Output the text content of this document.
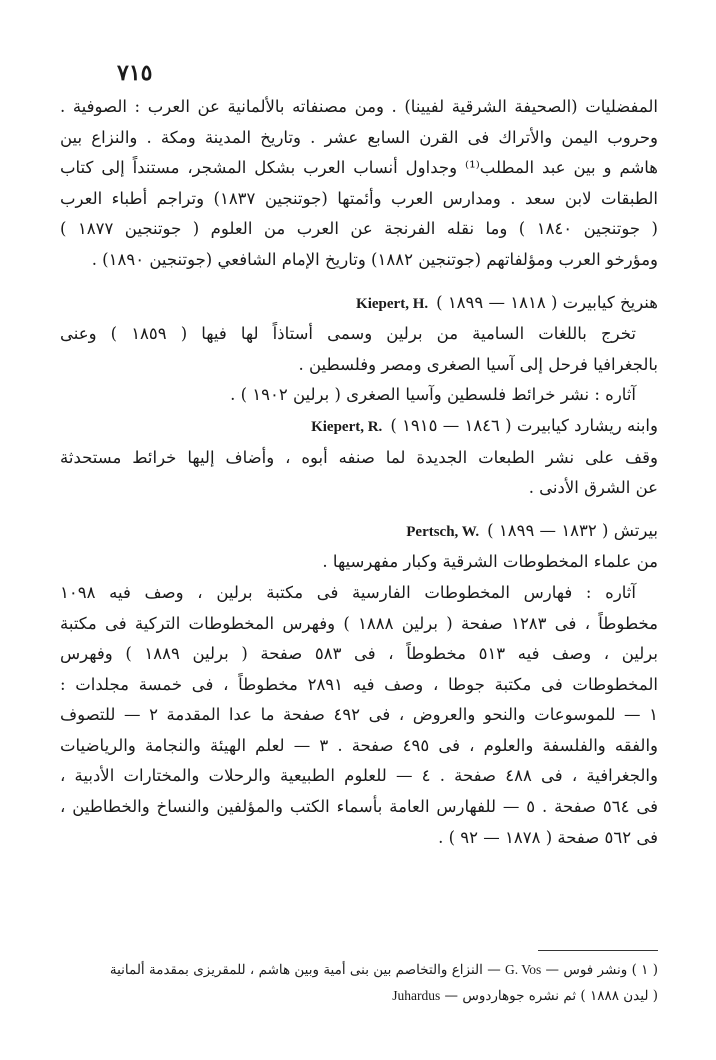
٧١٥
المفضليات (الصحيفة الشرقية لفيينا) . ومن مصنفاته بالألمانية عن العرب : الصوفية .
وحروب اليمن والأتراك فى القرن السابع عشر . وتاريخ المدينة ومكة . والنزاع بين
هاشم و بين عبد المطلب⁽¹⁾ وجداول أنساب العرب بشكل المشجر، مستنداً إلى كتاب
الطبقات لابن سعد . ومدارس العرب وأئمتها (جوتنجين ١٨٣٧) وتراجم أطباء العرب
( جوتنجين ١٨٤٠ ) وما نقله الفرنجة عن العرب من العلوم ( جوتنجين ١٨٧٧ )
ومؤرخو العرب ومؤلفاتهم (جوتنجين ١٨٨٢) وتاريخ الإمام الشافعي (جوتنجين ١٨٩٠) .
هنريخ كيابيرت ( ١٨١٨ — ١٨٩٩ )
Kiepert, H.
تخرج باللغات السامية من برلين وسمى أستاذاً لها فيها ( ١٨٥٩ ) وعنى
بالجغرافيا فرحل إلى آسيا الصغرى ومصر وفلسطين .
آثاره : نشر خرائط فلسطين وآسيا الصغرى ( برلين ١٩٠٢ ) .
وابنه ريشارد كيابيرت ( ١٨٤٦ — ١٩١٥ )
Kiepert, R.
وقف على نشر الطبعات الجديدة لما صنفه أبوه ، وأضاف إليها خرائط مستحدثة
عن الشرق الأدنى .
بيرتش ( ١٨٣٢ — ١٨٩٩ )
Pertsch, W.
من علماء المخطوطات الشرقية وكبار مفهرسيها .
آثاره : فهارس المخطوطات الفارسية فى مكتبة برلين ، وصف فيه ١٠٩٨
مخطوطاً ، فى ١٢٨٣ صفحة ( برلين ١٨٨٨ ) وفهرس المخطوطات التركية فى مكتبة
برلين ، وصف فيه ٥١٣ مخطوطاً ، فى ٥٨٣ صفحة ( برلين ١٨٨٩ ) وفهرس
المخطوطات فى مكتبة جوطا ، وصف فيه ٢٨٩١ مخطوطاً ، فى خمسة مجلدات :
١ — للموسوعات والنحو والعروض ، فى ٤٩٢ صفحة ما عدا المقدمة ٢ — للتصوف
والفقه والفلسفة والعلوم ، فى ٤٩٥ صفحة . ٣ — لعلم الهيئة والنجامة والرياضيات
والجغرافية ، فى ٤٨٨ صفحة . ٤ — للعلوم الطبيعية والرحلات والمختارات الأدبية ،
فى ٥٦٤ صفحة . ٥ — للفهارس العامة بأسماء الكتب والمؤلفين والنساخ والخطاطين ،
فى ٥٦٢ صفحة ( ١٨٧٨ — ٩٢ ) .
( ١ ) ونشر فوس — G. Vos — النزاع والتخاصم بين بنى أمية وبين هاشم ، للمقريزى بمقدمة ألمانية
( ليدن ١٨٨٨ ) ثم نشره جوهاردوس — Juhardus
